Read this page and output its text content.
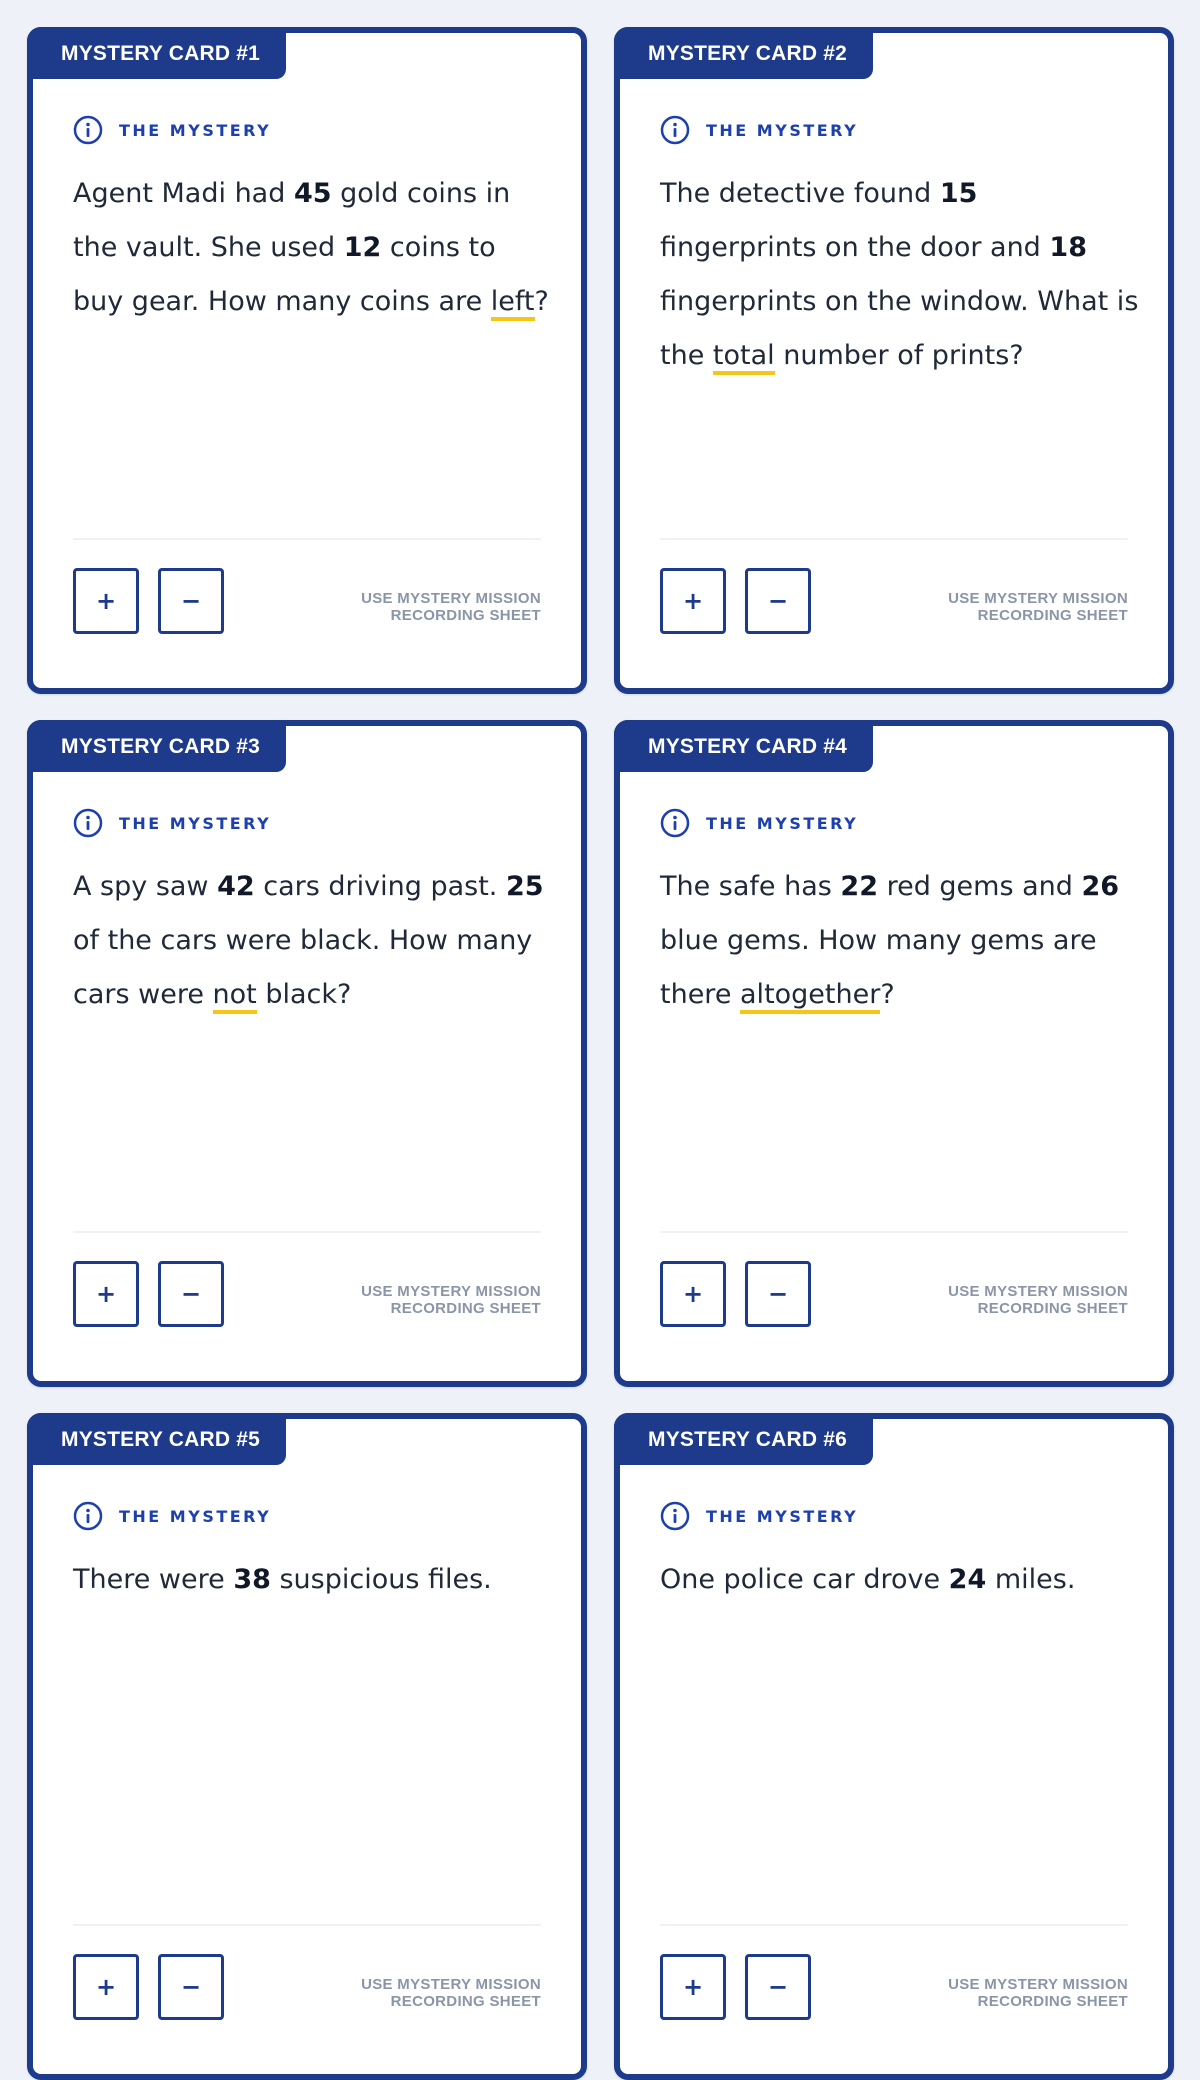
MYSTERY CARD #1
THE MYSTERY

Agent Madi had 45 gold coins in the vault. She used 12 coins to buy gear. How many coins are left?

+	−	USE MYSTERY MISSION
RECORDING SHEET
MYSTERY CARD #2
THE MYSTERY

The detective found 15 fingerprints on the door and 18 fingerprints on the window. What is the total number of prints?

+	−	USE MYSTERY MISSION
RECORDING SHEET
MYSTERY CARD #3
THE MYSTERY

A spy saw 42 cars driving past. 25 of the cars were black. How many cars were not black?

+	−	USE MYSTERY MISSION
RECORDING SHEET
MYSTERY CARD #4
THE MYSTERY

The safe has 22 red gems and 26 blue gems. How many gems are there altogether?

+	−	USE MYSTERY MISSION
RECORDING SHEET
MYSTERY CARD #5
THE MYSTERY

There were 38 suspicious files.

+	−	USE MYSTERY MISSION
RECORDING SHEET
MYSTERY CARD #6
THE MYSTERY

One police car drove 24 miles.

+	−	USE MYSTERY MISSION
RECORDING SHEET
